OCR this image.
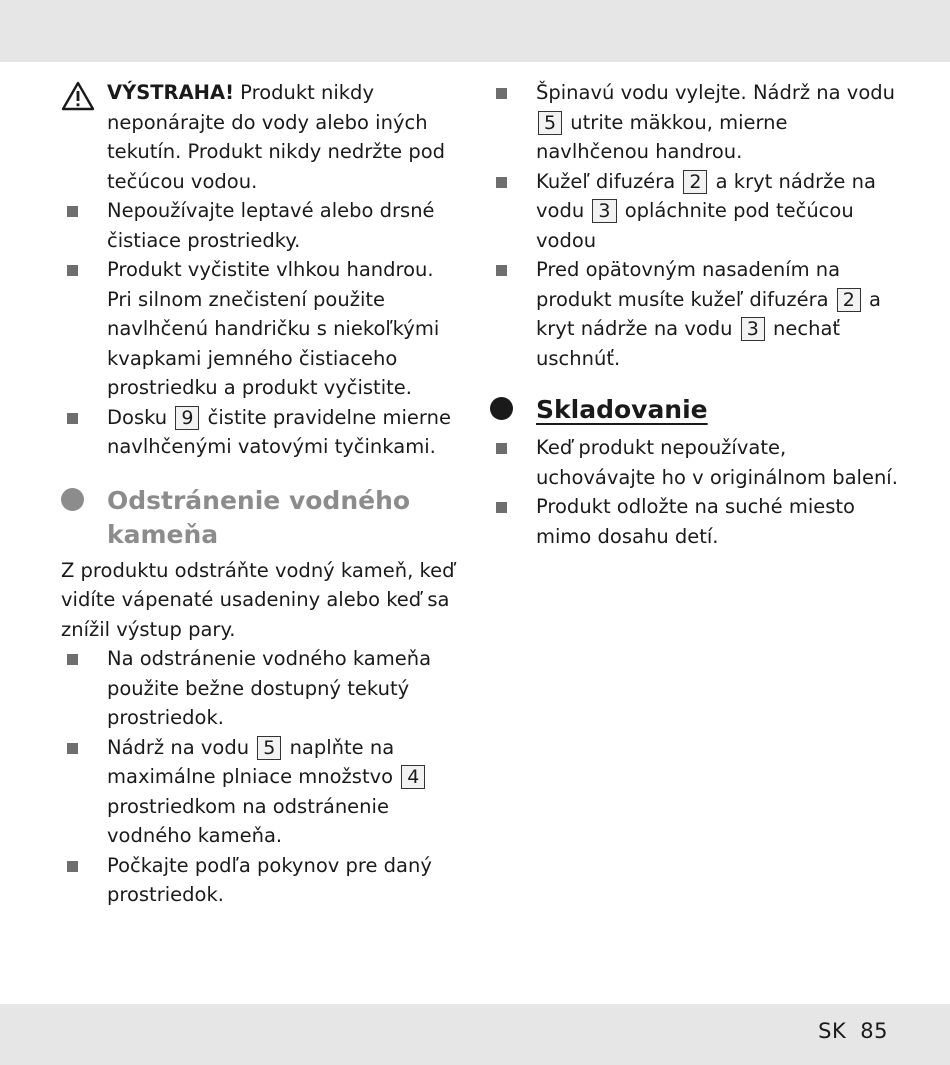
VÝSTRAHA! Produkt nikdy neponárajte do vody alebo iných tekutín. Produkt nikdy nedržte pod tečúcou vodou.
Nepoužívajte leptavé alebo drsné čistiace prostriedky.
Produkt vyčistite vlhkou handrou. Pri silnom znečistení použite navlhčenú handričku s niekoľkými kvapkami jemného čistiaceho prostriedku a produkt vyčistite.
Dosku 9 čistite pravidelne mierne navlhčenými vatovými tyčinkami.
Odstránenie vodného kameňa
Z produktu odstráňte vodný kameň, keď vidíte vápenaté usadeniny alebo keď sa znížil výstup pary.
Na odstránenie vodného kameňa použite bežne dostupný tekutý prostriedok.
Nádrž na vodu 5 naplňte na maximálne plniace množstvo 4 prostriedkom na odstránenie vodného kameňa.
Počkajte podľa pokynov pre daný prostriedok.
Špinavú vodu vylejte. Nádrž na vodu 5 utrite mäkkou, mierne navlhčenou handrou.
Kužeľ difuzéra 2 a kryt nádrže na vodu 3 opláchnite pod tečúcou vodou
Pred opätovným nasadením na produkt musíte kužeľ difuzéra 2 a kryt nádrže na vodu 3 nechať uschnúť.
Skladovanie
Keď produkt nepoužívate, uchovávajte ho v originálnom balení.
Produkt odložte na suché miesto mimo dosahu detí.
SK 85
